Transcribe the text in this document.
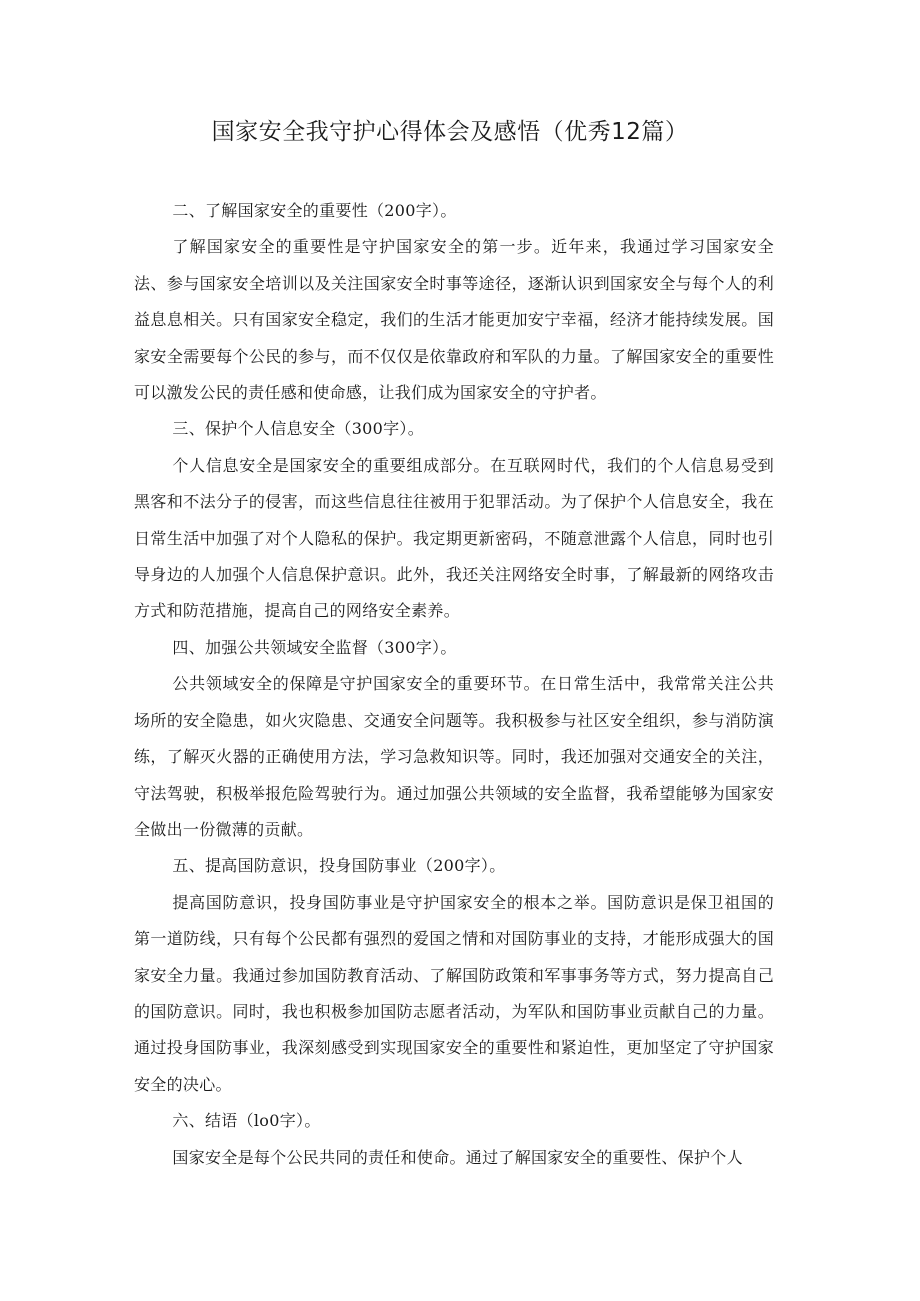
国家安全我守护心得体会及感悟（优秀12篇）

二、了解国家安全的重要性（200字）。

了解国家安全的重要性是守护国家安全的第一步。近年来，我通过学习国家安全法、参与国家安全培训以及关注国家安全时事等途径，逐渐认识到国家安全与每个人的利益息息相关。只有国家安全稳定，我们的生活才能更加安宁幸福，经济才能持续发展。国家安全需要每个公民的参与，而不仅仅是依靠政府和军队的力量。了解国家安全的重要性可以激发公民的责任感和使命感，让我们成为国家安全的守护者。

三、保护个人信息安全（300字）。

个人信息安全是国家安全的重要组成部分。在互联网时代，我们的个人信息易受到黑客和不法分子的侵害，而这些信息往往被用于犯罪活动。为了保护个人信息安全，我在日常生活中加强了对个人隐私的保护。我定期更新密码，不随意泄露个人信息，同时也引导身边的人加强个人信息保护意识。此外，我还关注网络安全时事，了解最新的网络攻击方式和防范措施，提高自己的网络安全素养。

四、加强公共领域安全监督（300字）。

公共领域安全的保障是守护国家安全的重要环节。在日常生活中，我常常关注公共场所的安全隐患，如火灾隐患、交通安全问题等。我积极参与社区安全组织，参与消防演练，了解灭火器的正确使用方法，学习急救知识等。同时，我还加强对交通安全的关注，守法驾驶，积极举报危险驾驶行为。通过加强公共领域的安全监督，我希望能够为国家安全做出一份微薄的贡献。

五、提高国防意识，投身国防事业（200字）。

提高国防意识，投身国防事业是守护国家安全的根本之举。国防意识是保卫祖国的第一道防线，只有每个公民都有强烈的爱国之情和对国防事业的支持，才能形成强大的国家安全力量。我通过参加国防教育活动、了解国防政策和军事事务等方式，努力提高自己的国防意识。同时，我也积极参加国防志愿者活动，为军队和国防事业贡献自己的力量。通过投身国防事业，我深刻感受到实现国家安全的重要性和紧迫性，更加坚定了守护国家安全的决心。

六、结语（lo0字）。

国家安全是每个公民共同的责任和使命。通过了解国家安全的重要性、保护个人
